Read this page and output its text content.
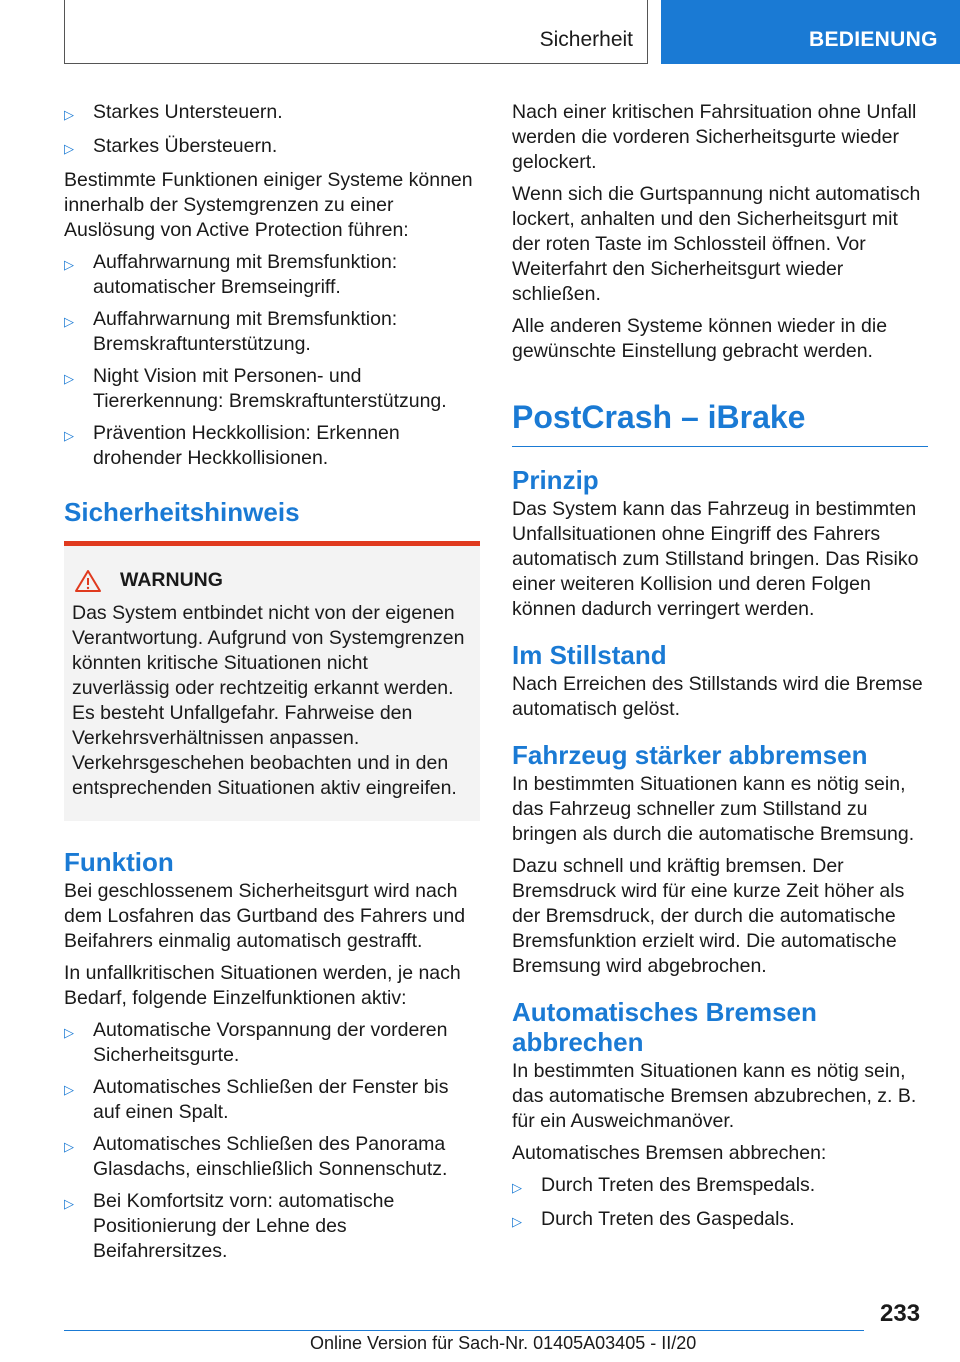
Sicherheit	BEDIENUNG
▷ Starkes Untersteuern.
▷ Starkes Übersteuern.

Bestimmte Funktionen einiger Systeme können innerhalb der Systemgrenzen zu einer Auslösung von Active Protection führen:

▷ Auffahrwarnung mit Bremsfunktion: automatischer Bremseingriff.
▷ Auffahrwarnung mit Bremsfunktion: Bremskraftunterstützung.
▷ Night Vision mit Personen- und Tiererkennung: Bremskraftunterstützung.
▷ Prävention Heckkollision: Erkennen drohender Heckkollisionen.
Sicherheitshinweis
WARNUNG
Das System entbindet nicht von der eigenen Verantwortung. Aufgrund von Systemgrenzen könnten kritische Situationen nicht zuverlässig oder rechtzeitig erkannt werden. Es besteht Unfallgefahr. Fahrweise den Verkehrsverhältnissen anpassen. Verkehrsgeschehen beobachten und in den entsprechenden Situationen aktiv eingreifen.
Funktion

Bei geschlossenem Sicherheitsgurt wird nach dem Losfahren das Gurtband des Fahrers und Beifahrers einmalig automatisch gestrafft.

In unfallkritischen Situationen werden, je nach Bedarf, folgende Einzelfunktionen aktiv:

▷ Automatische Vorspannung der vorderen Sicherheitsgurte.
▷ Automatisches Schließen der Fenster bis auf einen Spalt.
▷ Automatisches Schließen des Panorama Glasdachs, einschließlich Sonnenschutz.
▷ Bei Komfortsitz vorn: automatische Positionierung der Lehne des Beifahrersitzes.

Nach einer kritischen Fahrsituation ohne Unfall werden die vorderen Sicherheitsgurte wieder gelockert.

Wenn sich die Gurtspannung nicht automatisch lockert, anhalten und den Sicherheitsgurt mit der roten Taste im Schlossteil öffnen. Vor Weiterfahrt den Sicherheitsgurt wieder schließen.

Alle anderen Systeme können wieder in die gewünschte Einstellung gebracht werden.

PostCrash – iBrake
Prinzip

Das System kann das Fahrzeug in bestimmten Unfallsituationen ohne Eingriff des Fahrers automatisch zum Stillstand bringen. Das Risiko einer weiteren Kollision und deren Folgen können dadurch verringert werden.

Im Stillstand

Nach Erreichen des Stillstands wird die Bremse automatisch gelöst.

Fahrzeug stärker abbremsen

In bestimmten Situationen kann es nötig sein, das Fahrzeug schneller zum Stillstand zu bringen als durch die automatische Bremsung.

Dazu schnell und kräftig bremsen. Der Bremsdruck wird für eine kurze Zeit höher als der Bremsdruck, der durch die automatische Bremsfunktion erzielt wird. Die automatische Bremsung wird abgebrochen.

Automatisches Bremsen abbrechen

In bestimmten Situationen kann es nötig sein, das automatische Bremsen abzubrechen, z. B. für ein Ausweichmanöver.

Automatisches Bremsen abbrechen:

▷ Durch Treten des Bremspedals.
▷ Durch Treten des Gaspedals.
233
Online Version für Sach-Nr. 01405A03405 - II/20
